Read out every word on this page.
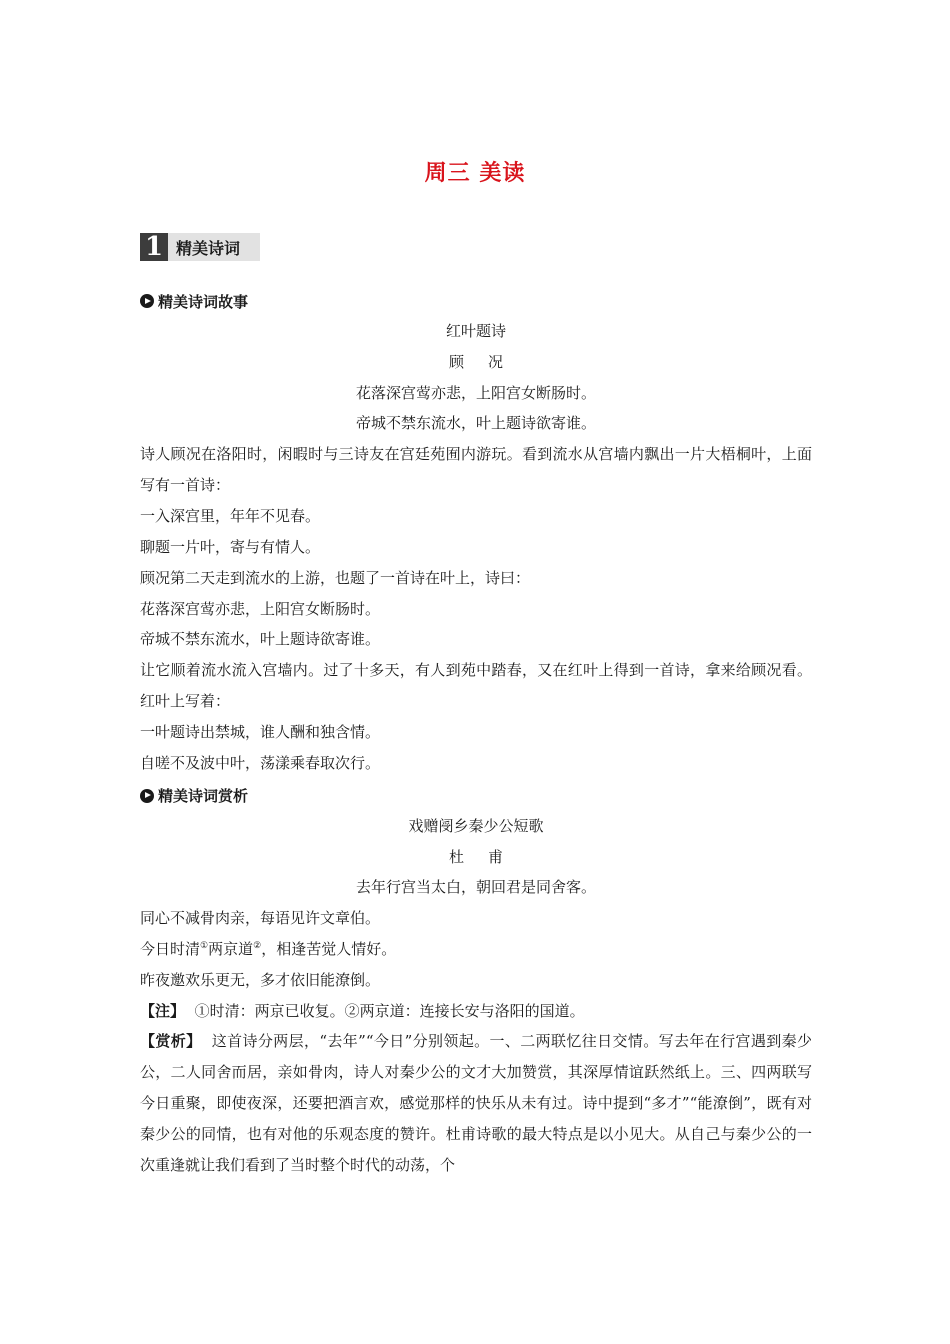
周三 美读
1 精美诗词
精美诗词故事

红叶题诗

顾 况

花落深宫莺亦悲，上阳宫女断肠时。

帝城不禁东流水，叶上题诗欲寄谁。

诗人顾况在洛阳时，闲暇时与三诗友在宫廷苑囿内游玩。看到流水从宫墙内飘出一片大梧桐叶，上面写有一首诗：

一入深宫里，年年不见春。

聊题一片叶，寄与有情人。

顾况第二天走到流水的上游，也题了一首诗在叶上，诗曰：

花落深宫莺亦悲，上阳宫女断肠时。

帝城不禁东流水，叶上题诗欲寄谁。

让它顺着流水流入宫墙内。过了十多天，有人到苑中踏春，又在红叶上得到一首诗，拿来给顾况看。红叶上写着：

一叶题诗出禁城，谁人酬和独含情。

自嗟不及波中叶，荡漾乘春取次行。

精美诗词赏析

戏赠阌乡秦少公短歌

杜 甫

去年行宫当太白，朝回君是同舍客。

同心不减骨肉亲，每语见许文章伯。

今日时清①两京道②，相逢苦觉人情好。

昨夜邀欢乐更无，多才依旧能潦倒。

【注】 ①时清：两京已收复。②两京道：连接长安与洛阳的国道。

【赏析】 这首诗分两层，“去年”“今日”分别领起。一、二两联忆往日交情。写去年在行宫遇到秦少公，二人同舍而居，亲如骨肉，诗人对秦少公的文才大加赞赏，其深厚情谊跃然纸上。三、四两联写今日重聚，即使夜深，还要把酒言欢，感觉那样的快乐从未有过。诗中提到“多才”“能潦倒”，既有对秦少公的同情，也有对他的乐观态度的赞许。杜甫诗歌的最大特点是以小见大。从自己与秦少公的一次重逢就让我们看到了当时整个时代的动荡，个
